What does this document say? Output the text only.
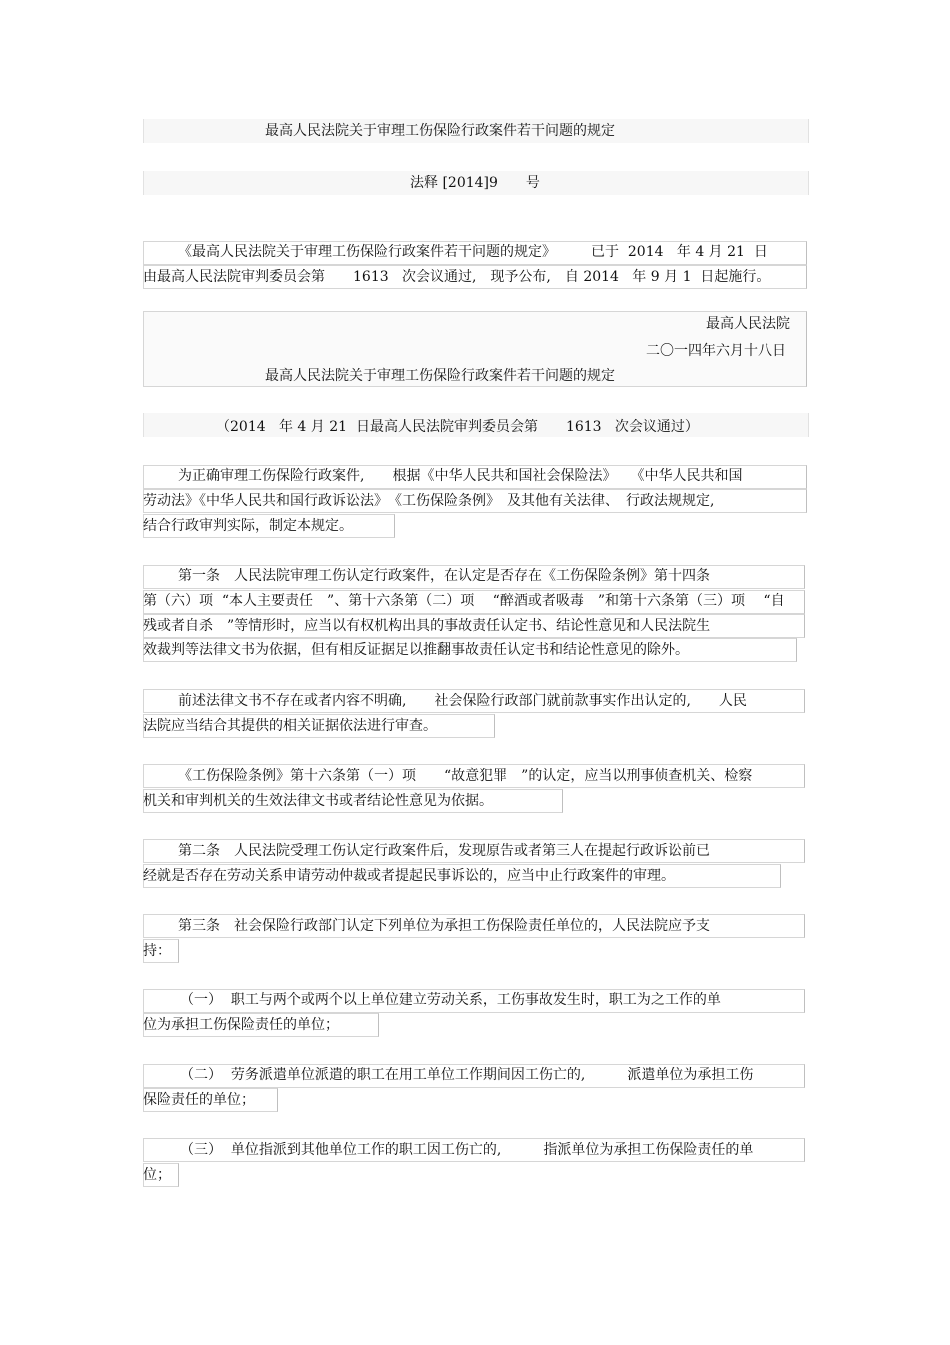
最高人民法院关于审理工伤保险行政案件若干问题的规定
法释 [2014]9　　号
《最高人民法院关于审理工伤保险行政案件若干问题的规定》　　　已于  2014   年 4 月 21  日
由最高人民法院审判委员会第　　1613   次会议通过,　现予公布,　自 2014   年 9 月 1  日起施行。
最高人民法院
二〇一四年六月十八日
最高人民法院关于审理工伤保险行政案件若干问题的规定
（2014   年 4 月 21  日最高人民法院审判委员会第　　1613   次会议通过）
为正确审理工伤保险行政案件,　　根据《中华人民共和国社会保险法》　　《中华人民共和国
劳动法》《中华人民共和国行政诉讼法》　《工伤保险条例》　及其他有关法律、　行政法规规定,
结合行政审判实际，制定本规定。
第一条　人民法院审理工伤认定行政案件，在认定是否存在《工伤保险条例》第十四条
第（六）项  “本人主要责任　”、第十六条第（二）项　 “醉酒或者吸毒　”和第十六条第（三）项　 “自
残或者自杀　”等情形时，应当以有权机构出具的事故责任认定书、结论性意见和人民法院生
效裁判等法律文书为依据，但有相反证据足以推翻事故责任认定书和结论性意见的除外。
前述法律文书不存在或者内容不明确,　　社会保险行政部门就前款事实作出认定的,　　人民
法院应当结合其提供的相关证据依法进行审查。
《工伤保险条例》第十六条第（一）项　　“故意犯罪　”的认定，应当以刑事侦查机关、检察
机关和审判机关的生效法律文书或者结论性意见为依据。
第二条　人民法院受理工伤认定行政案件后，发现原告或者第三人在提起行政诉讼前已
经就是否存在劳动关系申请劳动仲裁或者提起民事诉讼的，应当中止行政案件的审理。
第三条　社会保险行政部门认定下列单位为承担工伤保险责任单位的，人民法院应予支
持：
（一）  职工与两个或两个以上单位建立劳动关系，工伤事故发生时，职工为之工作的单
位为承担工伤保险责任的单位；
（二）  劳务派遣单位派遣的职工在用工单位工作期间因工伤亡的,　　　派遣单位为承担工伤
保险责任的单位；
（三）  单位指派到其他单位工作的职工因工伤亡的,　　　指派单位为承担工伤保险责任的单
位；
